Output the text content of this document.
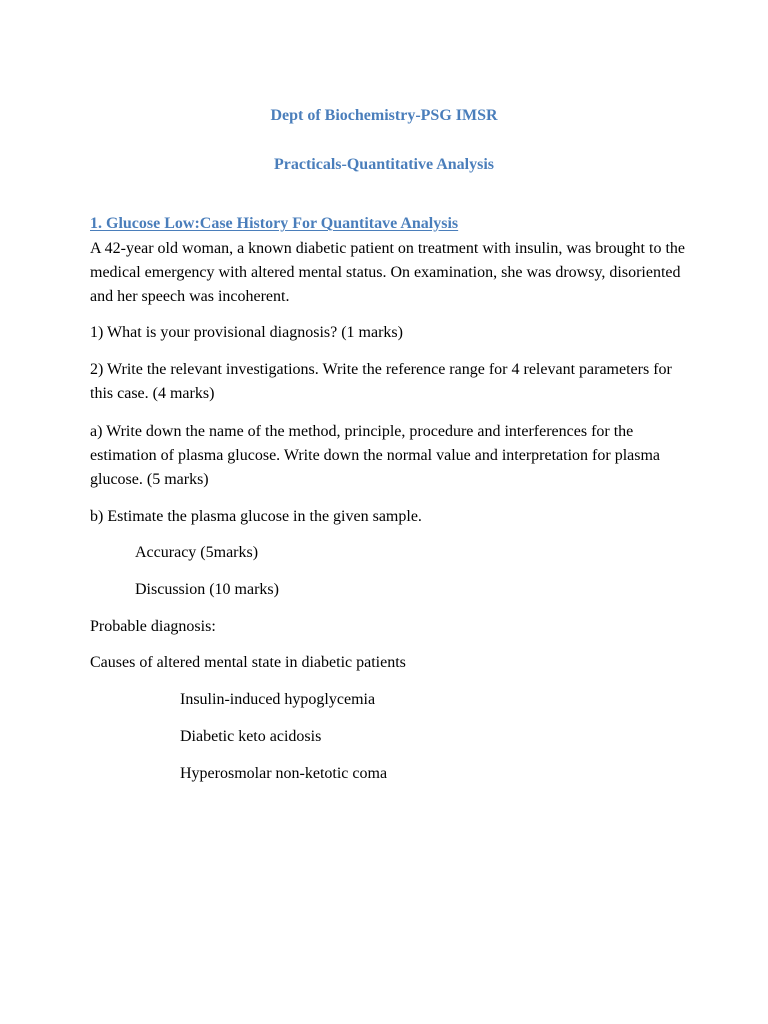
Dept of Biochemistry-PSG IMSR
Practicals-Quantitative Analysis
1. Glucose Low:Case History For Quantitave Analysis
A 42-year old woman, a known diabetic patient on treatment with insulin, was brought to the medical emergency with altered mental status. On examination, she was drowsy, disoriented and her speech was incoherent.
1) What is your provisional diagnosis? (1 marks)
2) Write the relevant investigations. Write the reference range for 4 relevant parameters for this case. (4 marks)
a) Write down the name of the method, principle, procedure and interferences for the estimation of plasma glucose. Write down the normal value and interpretation for plasma glucose. (5 marks)
b) Estimate the plasma glucose in the given sample.
Accuracy (5marks)
Discussion (10 marks)
Probable diagnosis:
Causes of altered mental state in diabetic patients
Insulin-induced hypoglycemia
Diabetic keto acidosis
Hyperosmolar non-ketotic coma
